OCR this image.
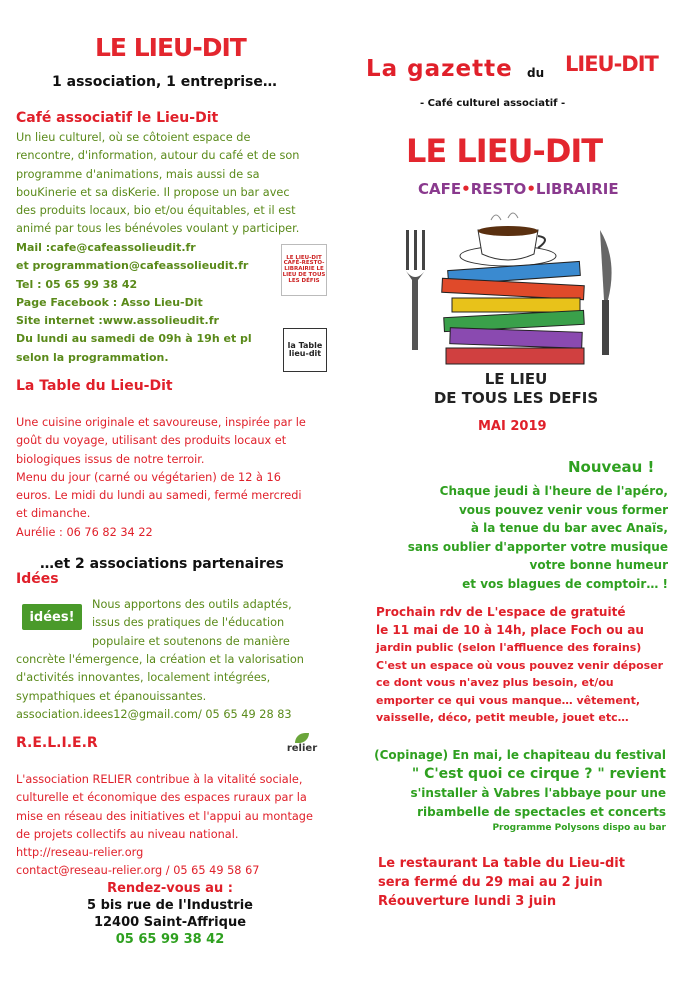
LE LIEU-DIT
1 association, 1 entreprise…
Café associatif le Lieu-Dit

Un lieu culturel, où se côtoient espace de

rencontre, d'information, autour du café et de son

programme d'animations, mais aussi de sa

bouKinerie et sa disKerie. Il propose un bar avec

des produits locaux, bio et/ou équitables, et il est

animé par tous les bénévoles voulant y participer.

Mail :cafe@cafeassolieudit.fr

et programmation@cafeassolieudit.fr

Tel : 05 65 99 38 42

Page Facebook : Asso Lieu-Dit

Site internet :www.assolieudit.fr

Du lundi au samedi de 09h à 19h et pl

selon la programmation.

LE LIEU-DIT CAFÉ-RESTO-LIBRAIRIE LE LIEU DE TOUS LES DÉFIS
la Table lieu-dit
La Table du Lieu-Dit

Une cuisine originale et savoureuse, inspirée par le

goût du voyage, utilisant des produits locaux et

biologiques issus de notre terroir.

Menu du jour (carné ou végétarien) de 12 à 16

euros. Le midi du lundi au samedi, fermé mercredi

et dimanche.

Aurélie : 06 76 82 34 22

…et 2 associations partenaires
Idées
idées!

Nous apportons des outils adaptés,

issus des pratiques de l'éducation

populaire et soutenons de manière

concrète l'émergence, la création et la valorisation

d'activités innovantes, localement intégrées,

sympathiques et épanouissantes.

association.idees12@gmail.com/ 05 65 49 28 83

R.E.L.I.E.R	relier

L'association RELIER contribue à la vitalité sociale,

culturelle et économique des espaces ruraux par la

mise en réseau des initiatives et l'appui au montage

de projets collectifs au niveau national.

http://reseau-relier.org

contact@reseau-relier.org / 05 65 49 58 67

Rendez-vous au :

5 bis rue de l'Industrie

12400 Saint-Affrique

05 65 99 38 42

La gazette du LIEU-DIT
- Café culturel associatif -
LE LIEU-DIT
CAFE•RESTO•LIBRAIRIE

LE LIEU

DE TOUS LES DEFIS

MAI 2019
Nouveau !

Chaque jeudi à l'heure de l'apéro,

vous pouvez venir vous former

à la tenue du bar avec Anaïs,

sans oublier d'apporter votre musique

votre bonne humeur

et vos blagues de comptoir… !

Prochain rdv de L'espace de gratuité

le 11 mai de 10 à 14h, place Foch ou au

jardin public (selon l'affluence des forains)

C'est un espace où vous pouvez venir déposer

ce dont vous n'avez plus besoin, et/ou

emporter ce qui vous manque… vêtement,

vaisselle, déco, petit meuble, jouet etc…

(Copinage) En mai, le chapiteau du festival

" C'est quoi ce cirque ? " revient

s'installer à Vabres l'abbaye pour une

ribambelle de spectacles et concerts

Programme Polysons dispo au bar

Le restaurant La table du Lieu-dit

sera fermé du 29 mai au 2 juin

Réouverture lundi 3 juin
